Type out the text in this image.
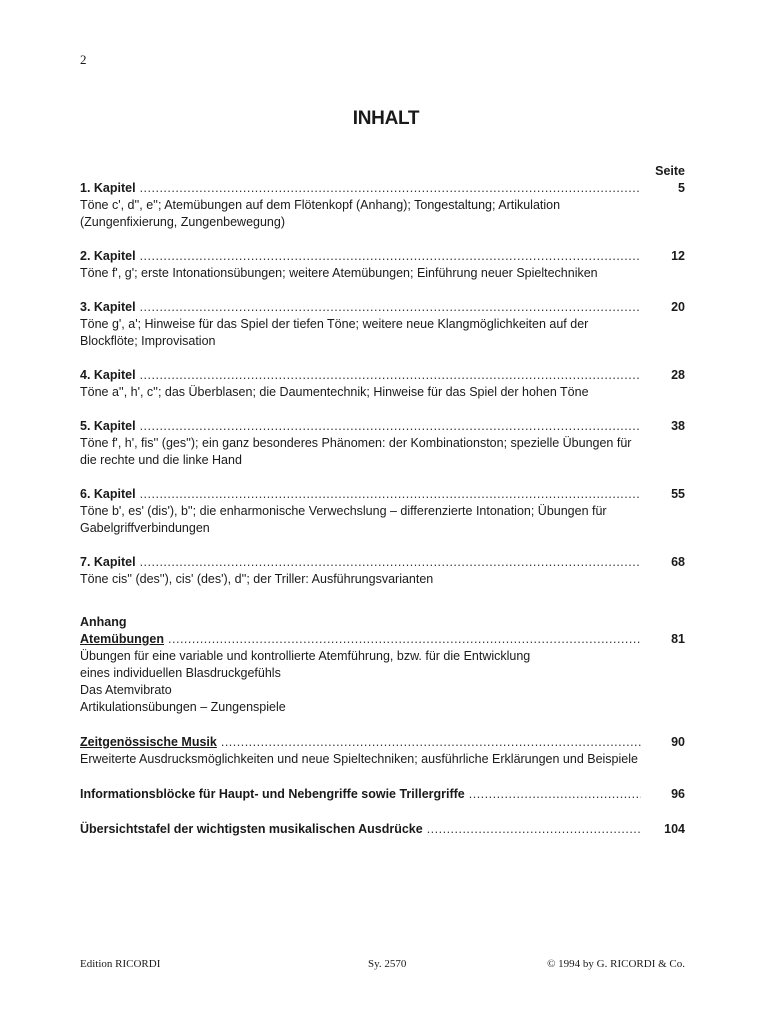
2
INHALT
Seite
1. Kapitel .....	5
Töne c', d'', e''; Atemübungen auf dem Flötenkopf (Anhang); Tongestaltung; Artikulation (Zungenfixierung, Zungenbewegung)
2. Kapitel .....	12
Töne f', g'; erste Intonationsübungen; weitere Atemübungen; Einführung neuer Spieltechniken
3. Kapitel .....	20
Töne g', a'; Hinweise für das Spiel der tiefen Töne; weitere neue Klangmöglichkeiten auf der Blockflöte; Improvisation
4. Kapitel .....	28
Töne a'', h', c''; das Überblasen; die Daumentechnik; Hinweise für das Spiel der hohen Töne
5. Kapitel .....	38
Töne f', h', fis'' (ges''); ein ganz besonderes Phänomen: der Kombinationston; spezielle Übungen für die rechte und die linke Hand
6. Kapitel .....	55
Töne b', es' (dis'), b''; die enharmonische Verwechslung – differenzierte Intonation; Übungen für Gabelgriffverbindungen
7. Kapitel .....	68
Töne cis'' (des''), cis' (des'), d''; der Triller: Ausführungsvarianten
Anhang
Atemübungen .....	81
Übungen für eine variable und kontrollierte Atemführung, bzw. für die Entwicklung
eines individuellen Blasdruckgefühls
Das Atemvibrato
Artikulationsübungen – Zungenspiele
Zeitgenössische Musik .....	90
Erweiterte Ausdrucksmöglichkeiten und neue Spieltechniken; ausführliche Erklärungen und Beispiele
Informationsblöcke für Haupt- und Nebengriffe sowie Trillergriffe .....	96
Übersichtstafel der wichtigsten musikalischen Ausdrücke .....	104
Edition RICORDI	Sy. 2570	© 1994 by G. RICORDI & Co.
